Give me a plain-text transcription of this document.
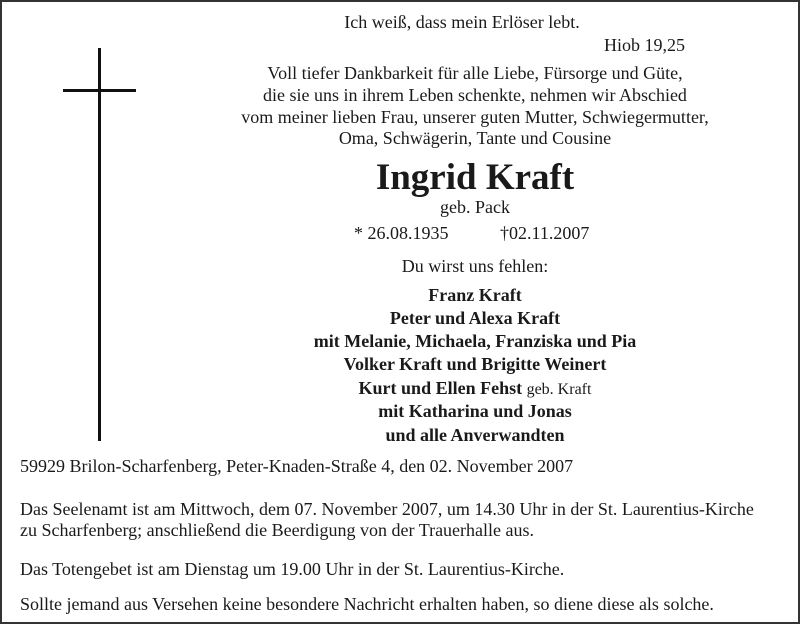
Ich weiß, dass mein Erlöser lebt.
Hiob 19,25
Voll tiefer Dankbarkeit für alle Liebe, Fürsorge und Güte,
die sie uns in ihrem Leben schenkte, nehmen wir Abschied
vom meiner lieben Frau, unserer guten Mutter, Schwiegermutter,
Oma, Schwägerin, Tante und Cousine
Ingrid Kraft
geb. Pack
* 26.08.1935	†02.11.2007
Du wirst uns fehlen:
Franz Kraft
Peter und Alexa Kraft
mit Melanie, Michaela, Franziska und Pia
Volker Kraft und Brigitte Weinert
Kurt und Ellen Fehst geb. Kraft
mit Katharina und Jonas
und alle Anverwandten
59929 Brilon-Scharfenberg, Peter-Knaden-Straße 4, den 02. November 2007
Das Seelenamt ist am Mittwoch, dem 07. November 2007, um 14.30 Uhr in der St. Laurentius-Kirche
zu Scharfenberg; anschließend die Beerdigung von der Trauerhalle aus.
Das Totengebet ist am Dienstag um 19.00 Uhr in der St. Laurentius-Kirche.
Sollte jemand aus Versehen keine besondere Nachricht erhalten haben, so diene diese als solche.
